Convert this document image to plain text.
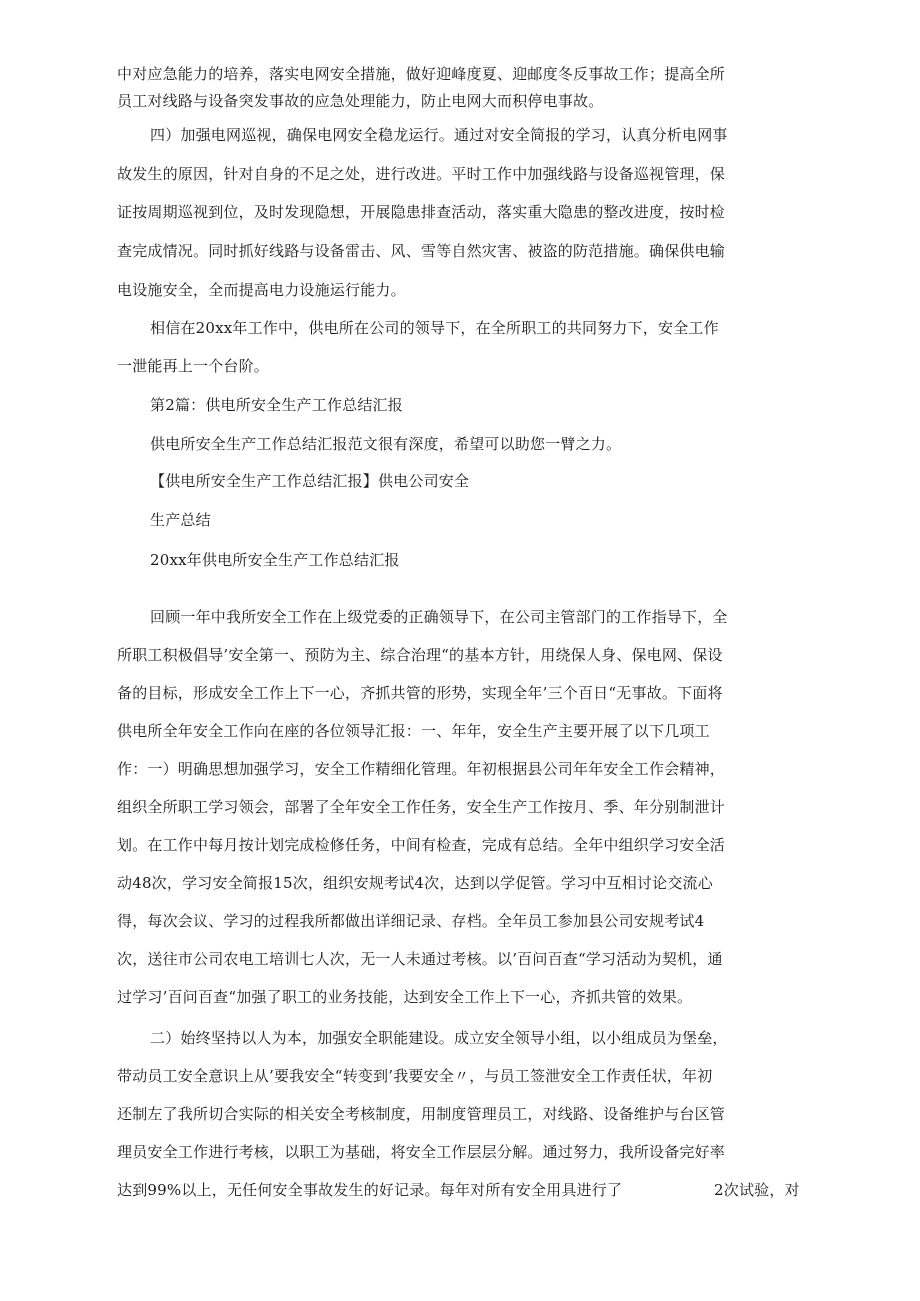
中对应急能力的培养，落实电网安全措施，做好迎峰度夏、迎邮度冬反事故工作；提高全所
员工对线路与设备突发事故的应急处理能力，防止电网大而积停电事故。
四）加强电网巡视，确保电网安全稳龙运行。通过对安全简报的学习，认真分析电网事
故发生的原因，针对自身的不足之处，进行改进。平时工作中加强线路与设备巡视管理，保
证按周期巡视到位，及时发现隐想，开展隐患排查活动，落实重大隐患的整改进度，按时检
查完成情况。同时抓好线路与设备雷击、风、雪等自然灾害、被盗的防范措施。确保供电输
电设施安全，全而提高电力设施运行能力。
相信在20xx年工作中，供电所在公司的领导下，在全所职工的共同努力下，安全工作
一泄能再上一个台阶。
第2篇：供电所安全生产工作总结汇报
供电所安全生产工作总结汇报范文很有深度，希望可以助您一臂之力。
【供电所安全生产工作总结汇报】供电公司安全
生产总结
20xx年供电所安全生产工作总结汇报
回顾一年中我所安全工作在上级党委的正确领导下，在公司主管部门的工作指导下，全
所职工积极倡导’安全第一、预防为主、综合治理“的基本方针，用绕保人身、保电网、保设
备的目标，形成安全工作上下一心，齐抓共管的形势，实现全年’三个百日“无事故。下面将
供电所全年安全工作向在座的各位领导汇报：一、年年，安全生产主要开展了以下几项工
作：一）明确思想加强学习，安全工作精细化管理。年初根据县公司年年安全工作会精神，
组织全所职工学习领会，部署了全年安全工作任务，安全生产工作按月、季、年分别制泄计
划。在工作中每月按计划完成检修任务，中间有检查，完成有总结。全年中组织学习安全活
动48次，学习安全简报15次，组织安规考试4次，达到以学促管。学习中互相讨论交流心
得，每次会议、学习的过程我所都做出详细记录、存档。全年员工参加县公司安规考试4
次，送往市公司农电工培训七人次，无一人未通过考核。以’百问百查“学习活动为契机，通
过学习’百问百查“加强了职工的业务技能，达到安全工作上下一心，齐抓共管的效果。
二）始终坚持以人为本，加强安全职能建设。成立安全领导小组，以小组成员为堡垒，
带动员工安全意识上从’要我安全“转变到’我要安全〃，与员工签泄安全工作责任状，年初
还制左了我所切合实际的相关安全考核制度，用制度管理员工，对线路、设备维护与台区管
理员安全工作进行考核，以职工为基础，将安全工作层层分解。通过努力，我所设备完好率
达到99%以上，无任何安全事故发生的好记录。每年对所有安全用具进行了	2次试验，对
